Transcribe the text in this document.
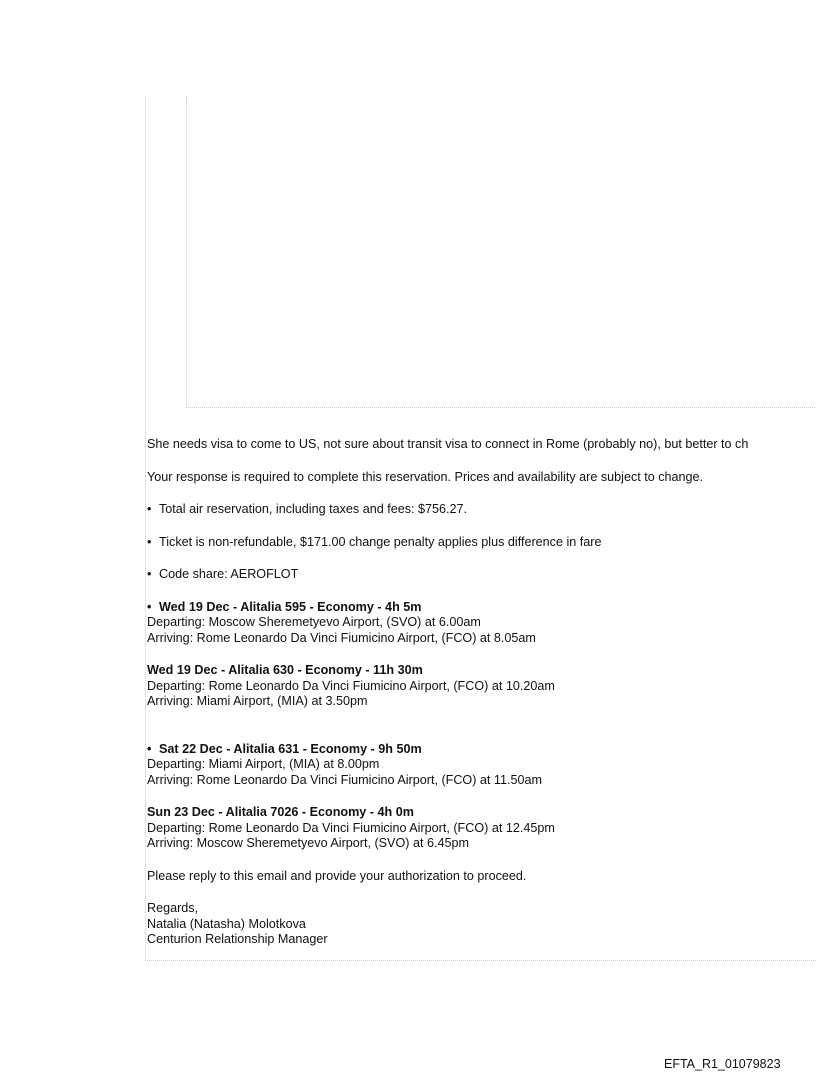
She needs visa to come to US, not sure about transit visa to connect in Rome (probably no), but better to ch

Your response is required to complete this reservation. Prices and availability are subject to change.

• Total air reservation, including taxes and fees: $756.27.

• Ticket is non-refundable, $171.00 change penalty applies plus difference in fare

• Code share: AEROFLOT

• Wed 19 Dec - Alitalia 595 - Economy - 4h 5m
Departing: Moscow Sheremetyevo Airport, (SVO) at 6.00am
Arriving: Rome Leonardo Da Vinci Fiumicino Airport, (FCO) at 8.05am
Wed 19 Dec - Alitalia 630 - Economy - 11h 30m
Departing: Rome Leonardo Da Vinci Fiumicino Airport, (FCO) at 10.20am
Arriving: Miami Airport, (MIA) at 3.50pm
• Sat 22 Dec - Alitalia 631 - Economy - 9h 50m
Departing: Miami Airport, (MIA) at 8.00pm
Arriving: Rome Leonardo Da Vinci Fiumicino Airport, (FCO) at 11.50am
Sun 23 Dec - Alitalia 7026 - Economy - 4h 0m
Departing: Rome Leonardo Da Vinci Fiumicino Airport, (FCO) at 12.45pm
Arriving: Moscow Sheremetyevo Airport, (SVO) at 6.45pm

Please reply to this email and provide your authorization to proceed.

Regards,
Natalia (Natasha) Molotkova
Centurion Relationship Manager
EFTA_R1_01079823
